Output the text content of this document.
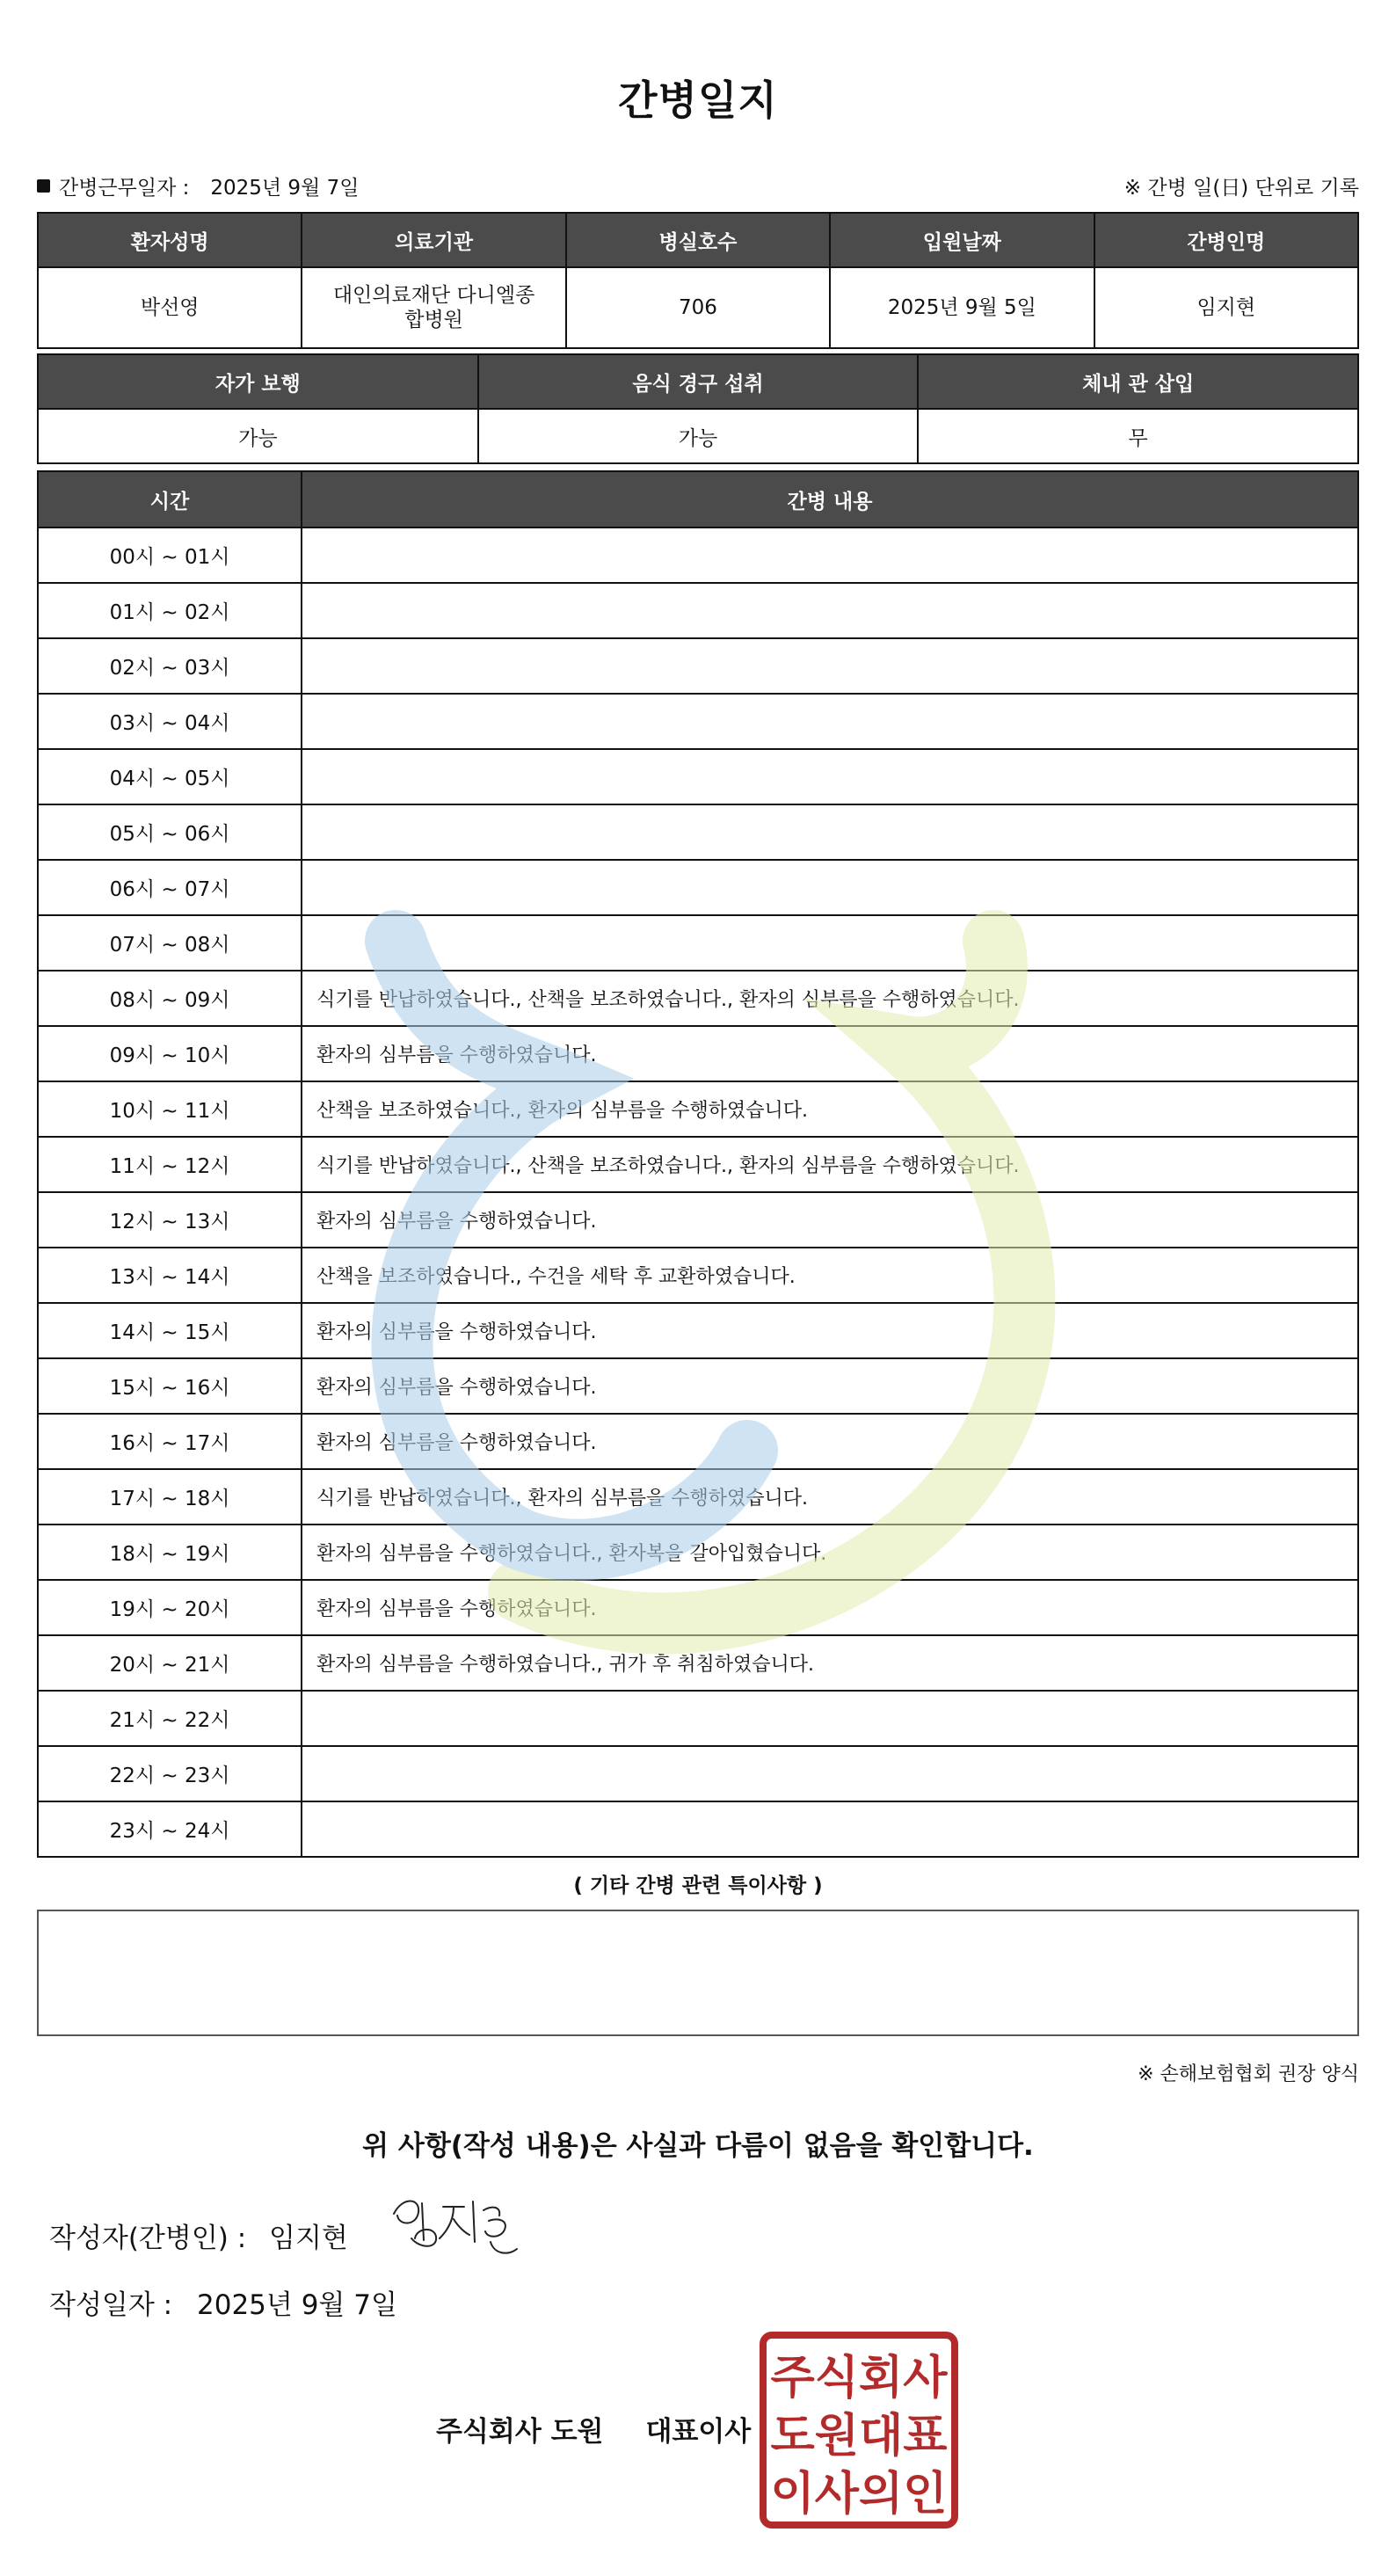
간병일지
간병근무일자 : 2025년 9월 7일	※ 간병 일(日) 단위로 기록
환자성명	의료기관	병실호수	입원날짜	간병인명
박선영	대인의료재단 다니엘종합병원	706	2025년 9월 5일	임지현
자가 보행	음식 경구 섭취	체내 관 삽입
가능	가능	무
시간	간병 내용
00시 ~ 01시	
01시 ~ 02시	
02시 ~ 03시	
03시 ~ 04시	
04시 ~ 05시	
05시 ~ 06시	
06시 ~ 07시	
07시 ~ 08시	
08시 ~ 09시	식기를 반납하였습니다., 산책을 보조하였습니다., 환자의 심부름을 수행하였습니다.
09시 ~ 10시	환자의 심부름을 수행하였습니다.
10시 ~ 11시	산책을 보조하였습니다., 환자의 심부름을 수행하였습니다.
11시 ~ 12시	식기를 반납하였습니다., 산책을 보조하였습니다., 환자의 심부름을 수행하였습니다.
12시 ~ 13시	환자의 심부름을 수행하였습니다.
13시 ~ 14시	산책을 보조하였습니다., 수건을 세탁 후 교환하였습니다.
14시 ~ 15시	환자의 심부름을 수행하였습니다.
15시 ~ 16시	환자의 심부름을 수행하였습니다.
16시 ~ 17시	환자의 심부름을 수행하였습니다.
17시 ~ 18시	식기를 반납하였습니다., 환자의 심부름을 수행하였습니다.
18시 ~ 19시	환자의 심부름을 수행하였습니다., 환자복을 갈아입혔습니다.
19시 ~ 20시	환자의 심부름을 수행하였습니다.
20시 ~ 21시	환자의 심부름을 수행하였습니다., 귀가 후 취침하였습니다.
21시 ~ 22시	
22시 ~ 23시	
23시 ~ 24시	
( 기타 간병 관련 특이사항 )
※ 손해보험협회 권장 양식
위 사항(작성 내용)은 사실과 다름이 없음을 확인합니다.
작성자(간병인) : 임지현
작성일자 : 2025년 9월 7일
주식회사 도원 대표이사
주식회사
도원대표
이사의인
